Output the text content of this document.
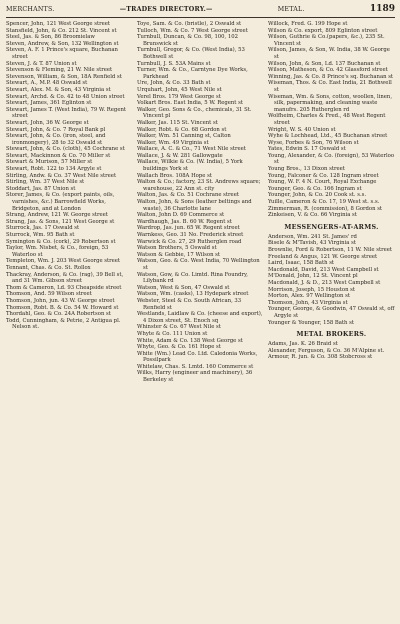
MERCHANTS.	—TRADES DIRECTORY.—	METAL.	1189
Spencer, John, 121 West George street
Stansfield, John, & Co. 212 St. Vincent st
Steel, Jas. & Son, 86 Broomielaw
Steven, Andrew, & Son, 132 Wellington st
Steven, A. F. 1 Prince's square, Buchanan street
Steven, J. & T. 87 Union st
Stevenson & Fleming, 21 W. Nile street
Stevenson, William, & Son, 18A Renfield st
Stewart, A., M.P. 48 Oswald st
Stewart, Alex. M. & Son, 43 Virginia st
Stewart, Archd. & Co. 42 to 48 Union street
Stewart, James, 361 Eglinton st
Stewart, James T. (West India), 79 W. Regent street
Stewart, John, 36 W. George st
Stewart, John, & Co. 7 Royal Bank pl
Stewart, John, & Co. (iron, steel, and ironmongery), 28 to 32 Oswald st
Stewart, John, & Co. (cloth), 45 Cochrane st
Stewart, Mackinnon & Co. 70 Miller st
Stewart & Murison, 57 Miller st
Stewart, Robt. 122 to 134 Argyle st
Stirling, Andw. & Co. 37 West Nile street
Stirling, Wm. 37 West Nile st
Stoddart, Jas. 87 Union st
Storer, James, & Co. (export paints, oils, varnishes, &c.) Barrowfield Works, Bridgeton, and at London
Strang, Andrew, 121 W. George street
Strang, Jas. & Sons, 121 West George st
Sturrock, Jas. 17 Oswald st
Sturrock, Wm. 95 Bath st
Symington & Co. (cork), 29 Robertson st
Taylor, Wm. Nisbet, & Co., foreign, 53 Waterloo st
Templeton, Wm. J. 203 West George street
Tennant, Chas. & Co. St. Rollox
Thackray, Anderson, & Co. (rag), 39 Bell st, and 31 Wm. Gibson street
Thom & Cameron, Ld. 93 Cheapside street
Thomson, And. 59 Wilson street
Thomson, John, jun. 43 W. George street
Thomson, Robt. B. & Co. 54 W. Howard st
Thordahl, Geo. & Co. 24A Robertson st
Todd, Cunningham, & Petrie, 2 Antigua pl. Nelson st.
Toye, Sam. & Co. (bristle), 2 Oswald st
Tulloch, Wm. & Co. 7 West George street
Turnbull, Duncan, & Co. 98, 100, 102 Brunswick st
Turnbull, Gregor, & Co. (West India), 53 Bothwell st
Turnbull, J. S. 53A Mains st
Turner, Wm. & Co., Carntyne Dye Works, Parkhead
Ure, John, & Co. 33 Bath st
Urquhart, John, 45 West Nile st
Verel Bros. 179 West George st
Volkart Bros. East India, 5 W. Regent st
Walker, Geo. Sons & Co., chemicals, 31 St. Vincent pl
Walker, Jas. 115 St. Vincent st
Walker, Robt. & Co. 68 Gordon st
Walker, Wm. 51 Canning st, Calton
Walker, Wm. 49 Virginia st
Wallace, A. C. & Co., 71 West Nile street
Wallace, J. & W. 281 Gallowgate
Wallace, Wilkie & Co. (W. India), 5 York buildings York st
Wallach Bros. 108A Hope st
Walton & Co.; factory, 23 St. Andrews square; warehouse, 22 Ann st. city
Walton, Jas. & Co. 51 Cochrane street
Walton, John, & Sons (leather beltings and waste), 36 Charlotte lane
Walton, John D. 69 Commerce st
Wardhaugh, Jas. B. 60 W. Regent st
Wardrop, Jas. jun. 65 W. Regent street
Warnkess, Geo. 31 No. Frederick street
Warwick & Co. 27, 29 Rutherglen road
Watson Brothers, 5 Oswald st
Watson & Gebbie, 17 Wilson st
Watson, Geo. & Co. West India, 70 Wellington st
Watson, Gow, & Co. Limtd. Rina Foundry, Lilybank rd
Watson, West & Son, 47 Oswald st
Watson, Wm. (casks), 13 Hydepark street
Webster, Steel & Co. South African, 33 Renfield st
Westlands, Laidlaw & Co. (cheese and export), 4 Dixon street, St. Enoch sq
Whinster & Co. 67 West Nile st
Whyte & Co. 111 Union st
White, Adam & Co. 138 West George st
Whyte, Geo. & Co. 161 Hope st
White (Wm.) Lead Co. Ltd. Caledonia Works, Possilpark
Whitelaw, Chas. S. Lmtd. 160 Commerce st
Wilks, Harry (engineer and machinery), 36 Berkeley st
Willock, Fred. G. 199 Hope st
Wilson & Co. export, 809 Eglinton street
Wilson, Guthrie & Co.(papers, &c.), 235 St. Vincent st
Wilson, James, & Son, W. India, 38 W. George st
Wilson, John, & Son, Ld. 137 Buchanan st
Wilson, Matheson, & Co. 42 Glassford street
Winning, Jas. & Co. 8 Prince's sq. Buchanan st
Wiseman, Thos. & Co. East India, 21 Bothwell st
Wiseman, Wm. & Sons, cotton, woollen, linen, silk, papermaking, and cleaning waste manufrs. 205 Rutherglen rd
Wolfheim, Charles & Fred., 48 West Regent street
Wright, W. S. 40 Union st
Wyhe & Lochhead, Ltd., 45 Buchanan street
Wyse, Forbes & Son, 76 Wilson st
Yates, Edwin S. 17 Oswald st
Young, Alexander, & Co. (foreign), 53 Waterloo st
Young Bros., 13 Dixon street
Young, Falconer & Co. 128 Ingram street
Young, W. F. 4 N. Court, Royal Exchange
Younger, Geo. & Co. 166 Ingram st
Younger, John, & Co. 20 Cook st. s.s.
Yuille, Cameron & Co. 17, 19 West st. s.s.
Zimmerman, R. (commission), 8 Gordon st
Zinkeisen, V. & Co. 66 Virginia st
MESSENGERS-AT-ARMS.
Anderson, Wm. 241 St. James' rd
Bisele & M'Tavish, 43 Virginia st
Brownlie, Ford & Robertson, 11 W. Nile street
Freeland & Angus, 121 W. George street
Laird, Isaac, 158 Bath st
Macdonald, David, 213 West Campbell st
M'Donald, John, 12 St. Vincent pl
Macdonald, J. & D., 213 West Campbell st
Morrison, Joseph, 15 Houston st
Morton, Alex. 97 Wellington st
Thomson, John, 43 Virginia st
Younger, George, & Goodwin, 47 Oswald st, off Argyle st
Younger & Younger, 158 Bath st
METAL BROKERS.
Adams, Jas. K. 26 Braid st
Alexander, Ferguson, & Co. 36 M'Alpine st.
Armour, R. jun. & Co. 308 Stobcross st
